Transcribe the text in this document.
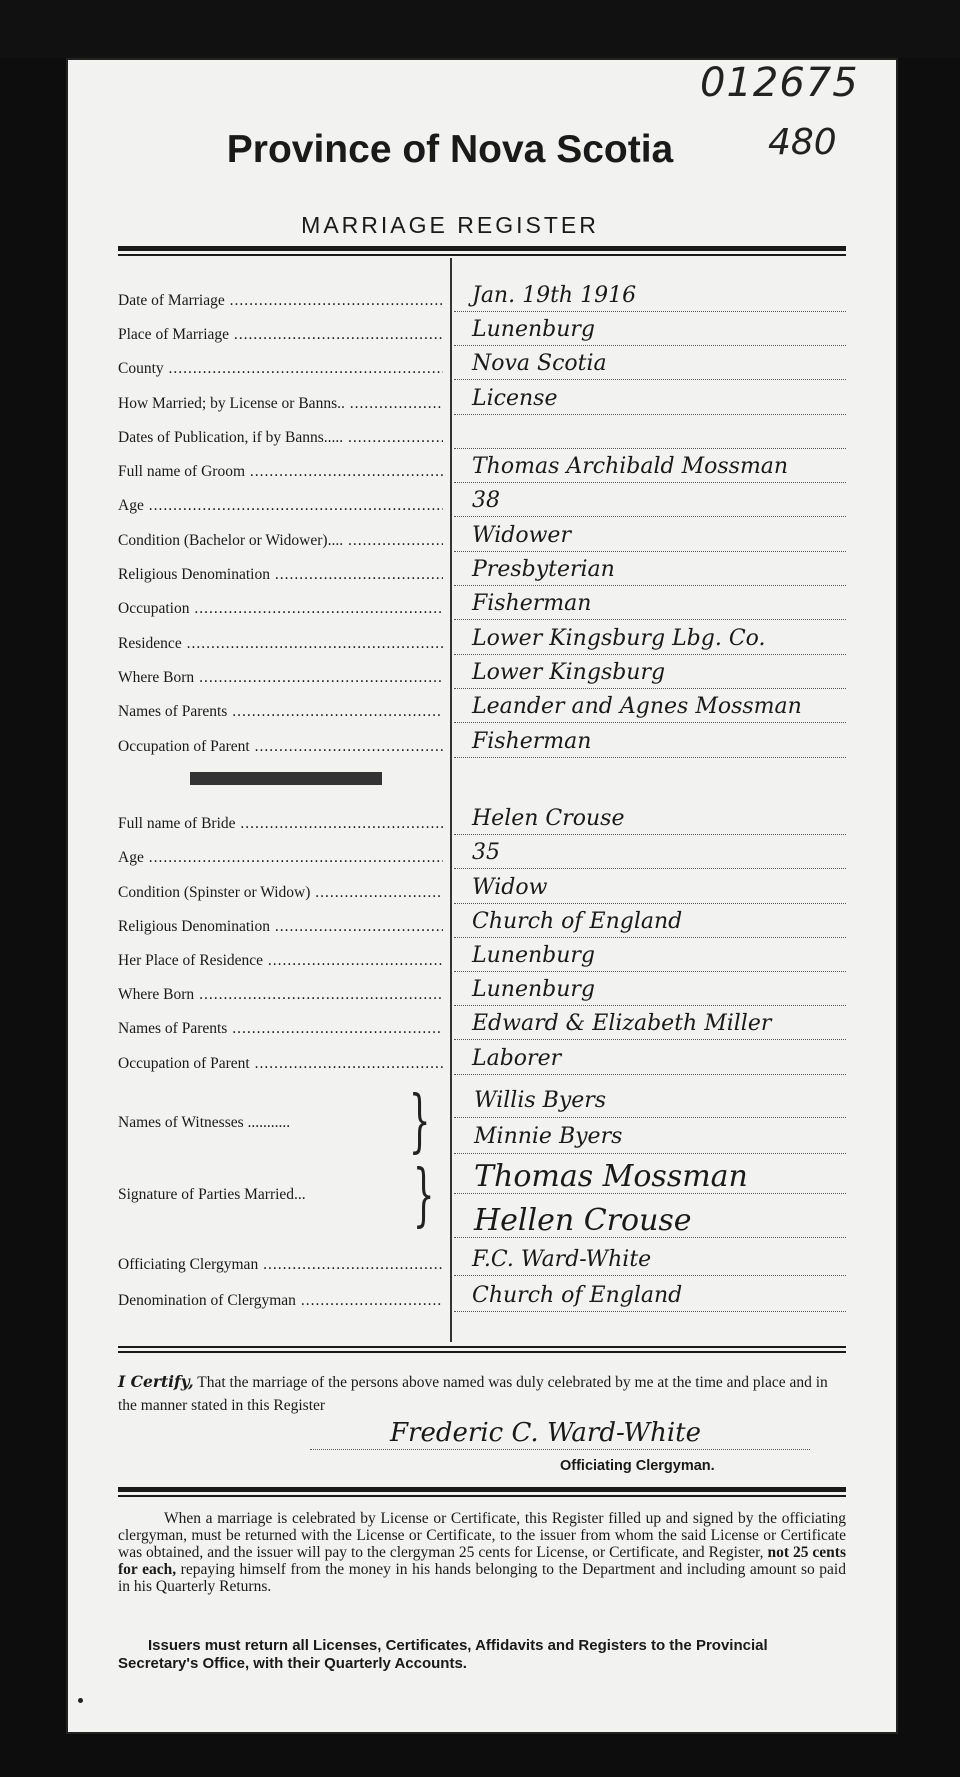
012675
Province of Nova Scotia	480
MARRIAGE REGISTER
Date of Marriage .....	Jan. 19th 1916
Place of Marriage .....	Lunenburg
County .....	Nova Scotia
How Married; by License or Banns.. .....	License
Dates of Publication, if by Banns..... .....
Full name of Groom .....	Thomas Archibald Mossman
Age .....	38
Condition (Bachelor or Widower).... .....	Widower
Religious Denomination .....	Presbyterian
Occupation .....	Fisherman
Residence .....	Lower Kingsburg Lbg. Co.
Where Born .....	Lower Kingsburg
Names of Parents .....	Leander and Agnes Mossman
Occupation of Parent .....	Fisherman
Full name of Bride .....	Helen Crouse
Age .....	35
Condition (Spinster or Widow) .....	Widow
Religious Denomination .....	Church of England
Her Place of Residence .....	Lunenburg
Where Born .....	Lunenburg
Names of Parents .....	Edward & Elizabeth Miller
Occupation of Parent .....	Laborer
Names of Witnesses ........... }	Willis Byers
Minnie Byers
Signature of Parties Married... }	Thomas Mossman
Hellen Crouse
Officiating Clergyman .....	F.C. Ward-White
Denomination of Clergyman .....	Church of England
I Certify, That the marriage of the persons above named was duly celebrated by me at the time and place and in the manner stated in this Register
Frederic C. Ward-White
Officiating Clergyman.
When a marriage is celebrated by License or Certificate, this Register filled up and signed by the officiating clergyman, must be returned with the License or Certificate, to the issuer from whom the said License or Certificate was obtained, and the issuer will pay to the clergyman 25 cents for License, or Certificate, and Register, not 25 cents for each, repaying himself from the money in his hands belonging to the Department and including amount so paid in his Quarterly Returns.
Issuers must return all Licenses, Certificates, Affidavits and Registers to the Provincial Secretary's Office, with their Quarterly Accounts.
